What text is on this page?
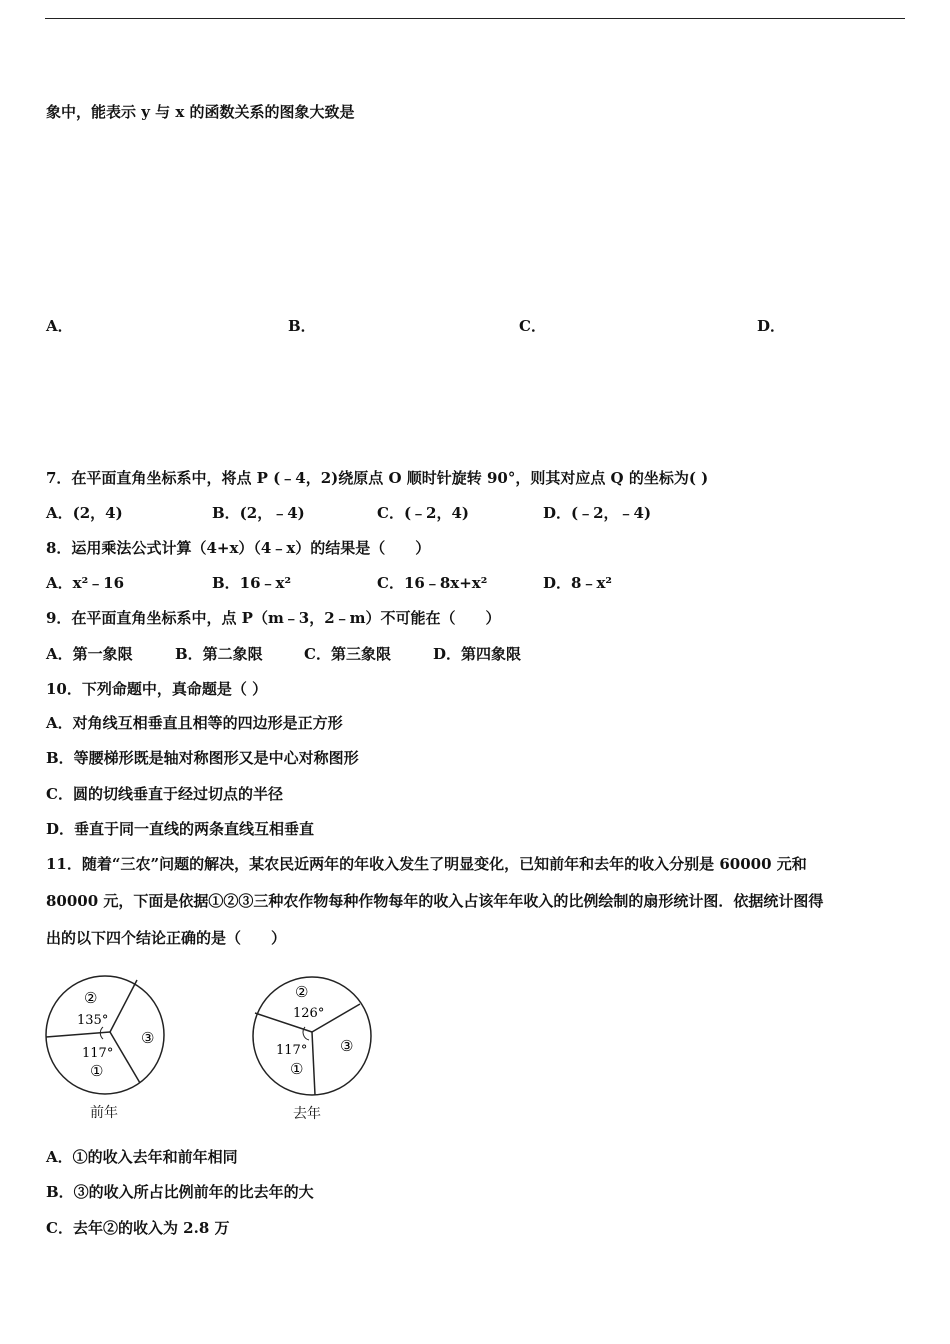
象中，能表示 y 与 x 的函数关系的图象大致是
A．	B．	C．	D．
7．在平面直角坐标系中，将点 P (﹣4，2)绕原点 O 顺时针旋转 90°，则其对应点 Q 的坐标为( )
A．(2，4)	B．(2，﹣4)	C．(﹣2，4)	D．(﹣2，﹣4)
8．运用乘法公式计算（4+x）（4﹣x）的结果是（　　）
A．x²﹣16	B．16﹣x²	C．16﹣8x+x²	D．8﹣x²
9．在平面直角坐标系中，点 P（m﹣3，2﹣m）不可能在（　　）
A．第一象限	B．第二象限	C．第三象限	D．第四象限
10．下列命题中，真命题是（ ）
A．对角线互相垂直且相等的四边形是正方形
B．等腰梯形既是轴对称图形又是中心对称图形
C．圆的切线垂直于经过切点的半径
D．垂直于同一直线的两条直线互相垂直
11．随着“三农”问题的解决，某农民近两年的年收入发生了明显变化，已知前年和去年的收入分别是 60000 元和
80000 元，下面是依据①②③三种农作物每种作物每年的收入占该年年收入的比例绘制的扇形统计图．依据统计图得
出的以下四个结论正确的是（　　）
②
135°
117°
①
③
前年
②
126°
117°
①
③
去年
A．①的收入去年和前年相同
B．③的收入所占比例前年的比去年的大
C．去年②的收入为 2.8 万
